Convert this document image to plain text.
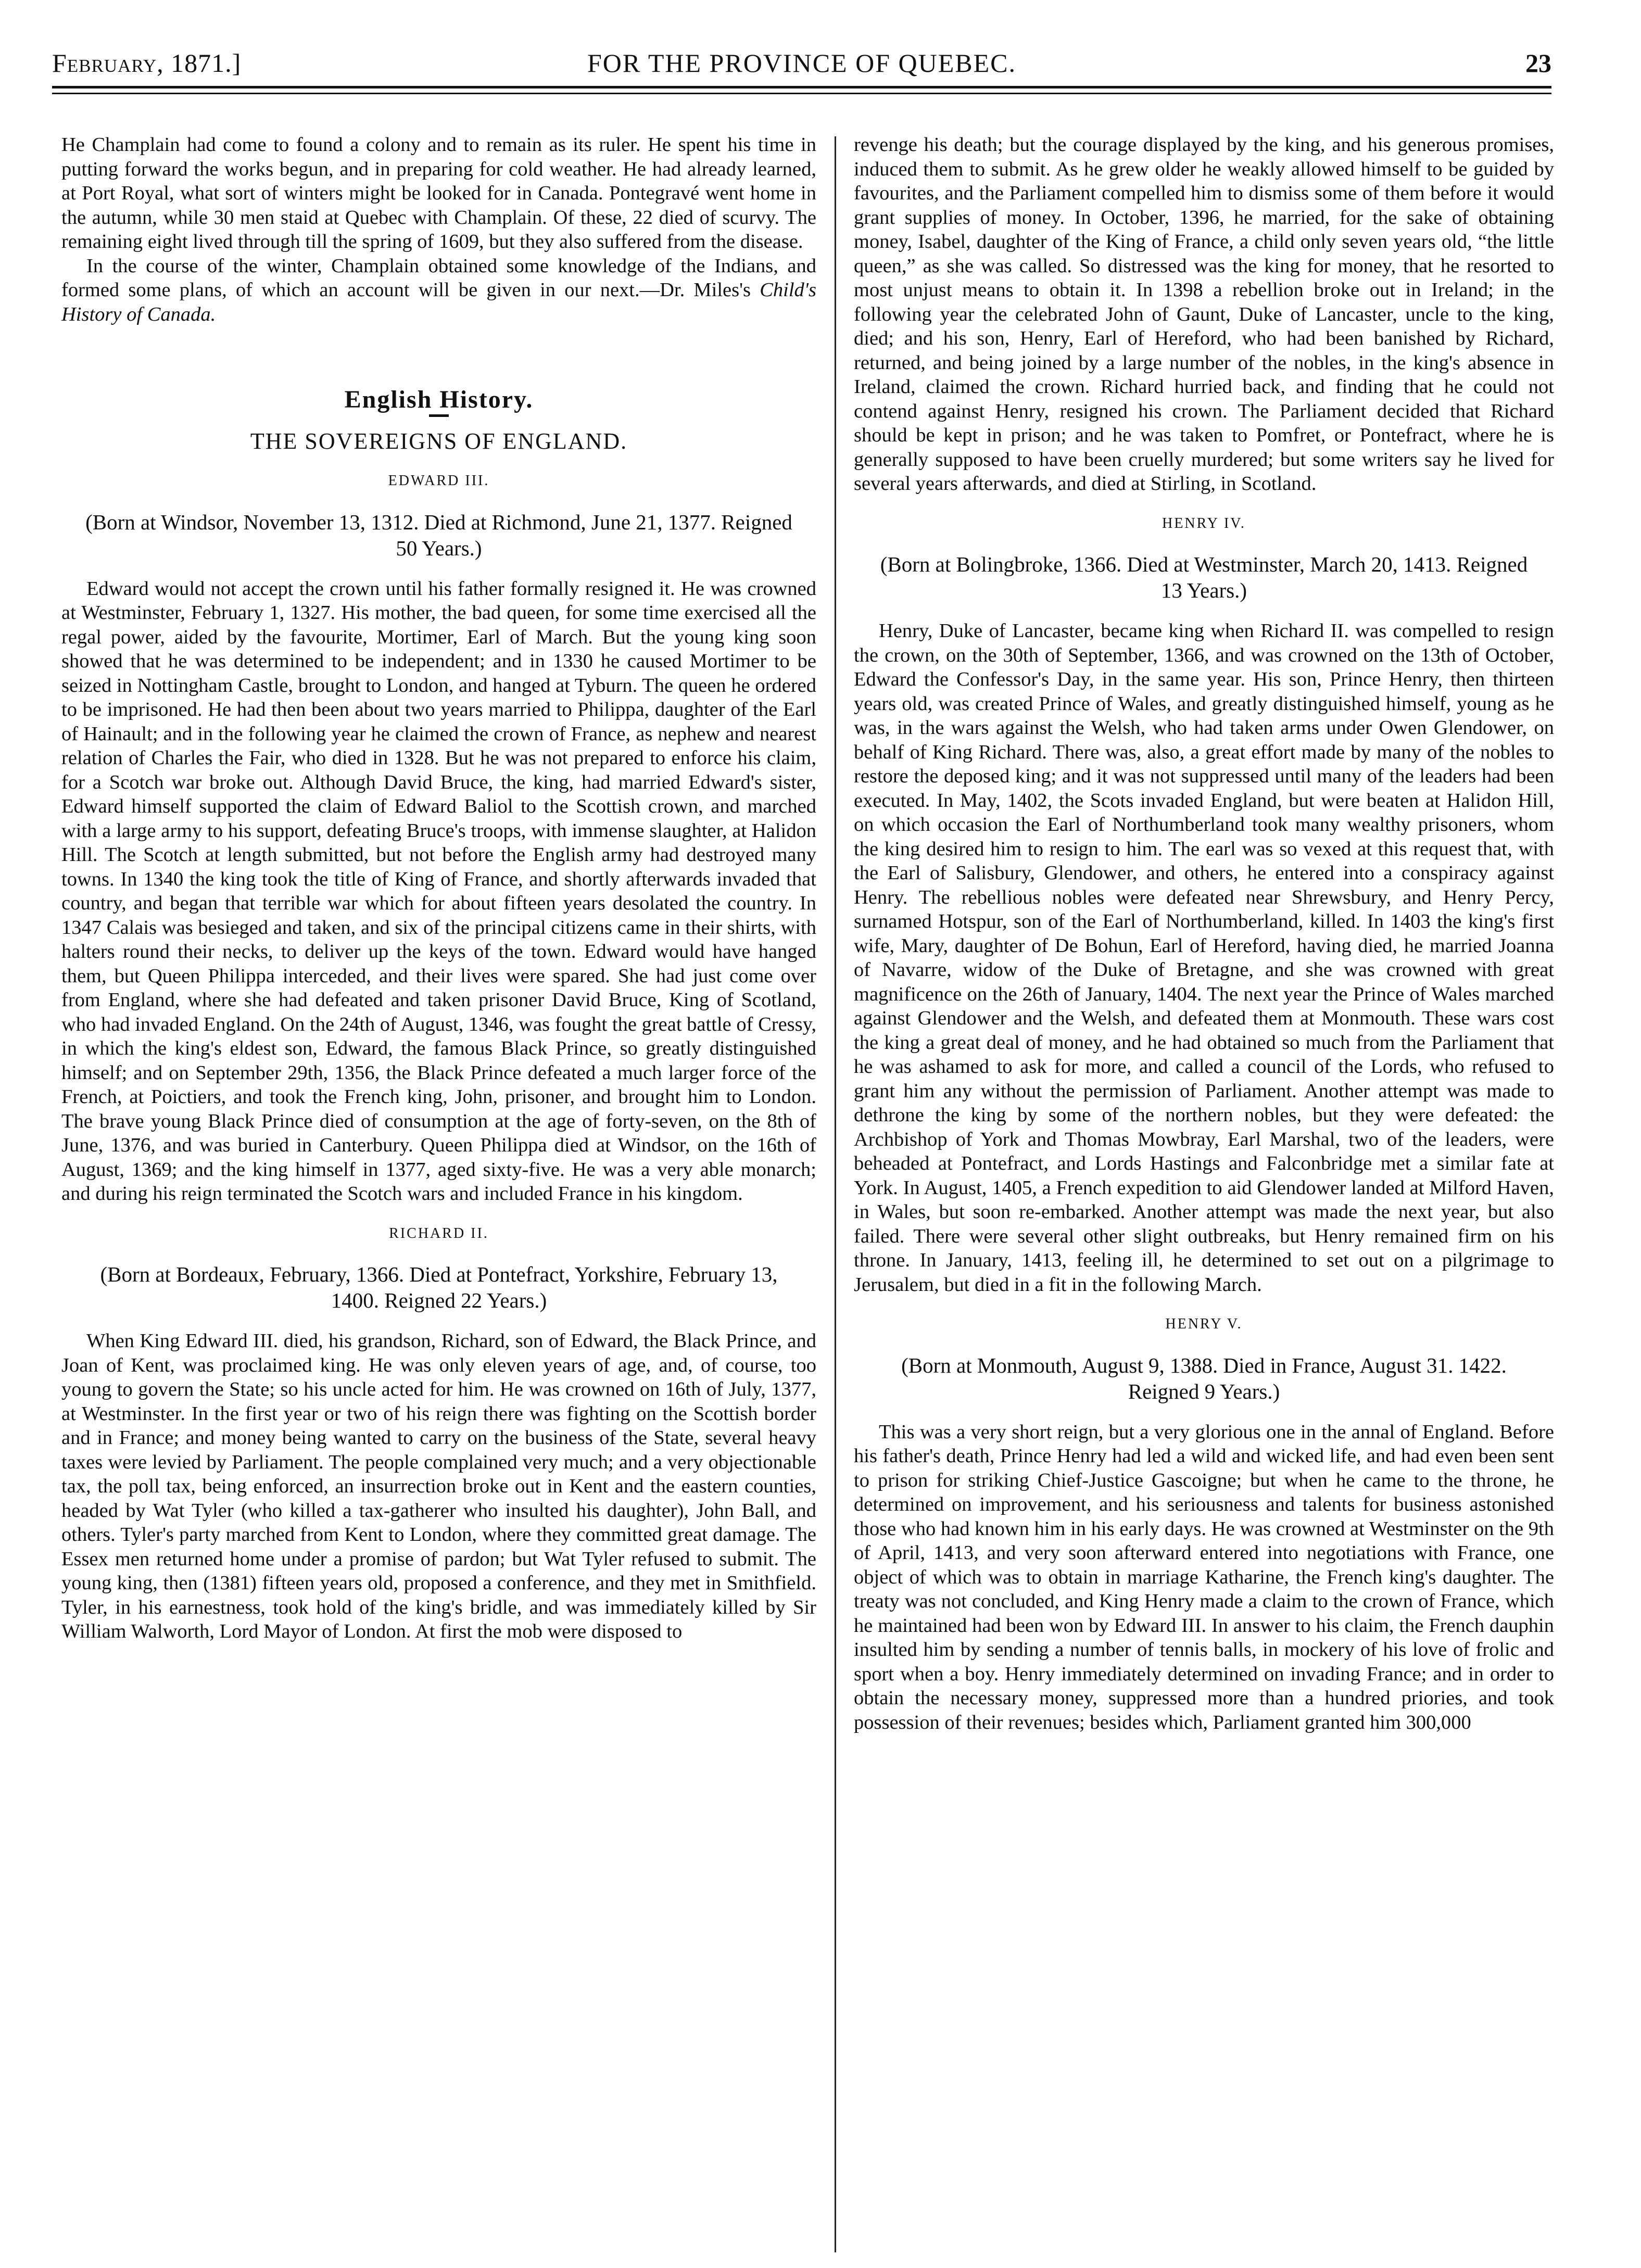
February, 1871.]	FOR THE PROVINCE OF QUEBEC.	23

He Champlain had come to found a colony and to remain as its ruler. He spent his time in putting forward the works begun, and in preparing for cold weather. He had already learned, at Port Royal, what sort of winters might be looked for in Canada. Pontegravé went home in the autumn, while 30 men staid at Quebec with Champlain. Of these, 22 died of scurvy. The remaining eight lived through till the spring of 1609, but they also suffered from the disease.

In the course of the winter, Champlain obtained some knowledge of the Indians, and formed some plans, of which an account will be given in our next.—Dr. Miles's Child's History of Canada.

English History.
THE SOVEREIGNS OF ENGLAND.
EDWARD III.
(Born at Windsor, November 13, 1312. Died at Richmond, June 21, 1377. Reigned 50 Years.)

Edward would not accept the crown until his father formally resigned it. He was crowned at Westminster, February 1, 1327. His mother, the bad queen, for some time exercised all the regal power, aided by the favourite, Mortimer, Earl of March. But the young king soon showed that he was determined to be independent; and in 1330 he caused Mortimer to be seized in Nottingham Castle, brought to London, and hanged at Tyburn. The queen he ordered to be imprisoned. He had then been about two years married to Philippa, daughter of the Earl of Hainault; and in the following year he claimed the crown of France, as nephew and nearest relation of Charles the Fair, who died in 1328. But he was not prepared to enforce his claim, for a Scotch war broke out. Although David Bruce, the king, had married Edward's sister, Edward himself supported the claim of Edward Baliol to the Scottish crown, and marched with a large army to his support, defeating Bruce's troops, with immense slaughter, at Halidon Hill. The Scotch at length submitted, but not before the English army had destroyed many towns. In 1340 the king took the title of King of France, and shortly afterwards invaded that country, and began that terrible war which for about fifteen years desolated the country. In 1347 Calais was besieged and taken, and six of the principal citizens came in their shirts, with halters round their necks, to deliver up the keys of the town. Edward would have hanged them, but Queen Philippa interceded, and their lives were spared. She had just come over from England, where she had defeated and taken prisoner David Bruce, King of Scotland, who had invaded England. On the 24th of August, 1346, was fought the great battle of Cressy, in which the king's eldest son, Edward, the famous Black Prince, so greatly distinguished himself; and on September 29th, 1356, the Black Prince defeated a much larger force of the French, at Poictiers, and took the French king, John, prisoner, and brought him to London. The brave young Black Prince died of consumption at the age of forty-seven, on the 8th of June, 1376, and was buried in Canterbury. Queen Philippa died at Windsor, on the 16th of August, 1369; and the king himself in 1377, aged sixty-five. He was a very able monarch; and during his reign terminated the Scotch wars and included France in his kingdom.

RICHARD II.
(Born at Bordeaux, February, 1366. Died at Pontefract, Yorkshire, February 13, 1400. Reigned 22 Years.)

When King Edward III. died, his grandson, Richard, son of Edward, the Black Prince, and Joan of Kent, was proclaimed king. He was only eleven years of age, and, of course, too young to govern the State; so his uncle acted for him. He was crowned on 16th of July, 1377, at Westminster. In the first year or two of his reign there was fighting on the Scottish border and in France; and money being wanted to carry on the business of the State, several heavy taxes were levied by Parliament. The people complained very much; and a very objectionable tax, the poll tax, being enforced, an insurrection broke out in Kent and the eastern counties, headed by Wat Tyler (who killed a tax-gatherer who insulted his daughter), John Ball, and others. Tyler's party marched from Kent to London, where they committed great damage. The Essex men returned home under a promise of pardon; but Wat Tyler refused to submit. The young king, then (1381) fifteen years old, proposed a conference, and they met in Smithfield. Tyler, in his earnestness, took hold of the king's bridle, and was immediately killed by Sir William Walworth, Lord Mayor of London. At first the mob were disposed to

revenge his death; but the courage displayed by the king, and his generous promises, induced them to submit. As he grew older he weakly allowed himself to be guided by favourites, and the Parliament compelled him to dismiss some of them before it would grant supplies of money. In October, 1396, he married, for the sake of obtaining money, Isabel, daughter of the King of France, a child only seven years old, “the little queen,” as she was called. So distressed was the king for money, that he resorted to most unjust means to obtain it. In 1398 a rebellion broke out in Ireland; in the following year the celebrated John of Gaunt, Duke of Lancaster, uncle to the king, died; and his son, Henry, Earl of Hereford, who had been banished by Richard, returned, and being joined by a large number of the nobles, in the king's absence in Ireland, claimed the crown. Richard hurried back, and finding that he could not contend against Henry, resigned his crown. The Parliament decided that Richard should be kept in prison; and he was taken to Pomfret, or Pontefract, where he is generally supposed to have been cruelly murdered; but some writers say he lived for several years afterwards, and died at Stirling, in Scotland.

HENRY IV.
(Born at Bolingbroke, 1366. Died at Westminster, March 20, 1413. Reigned 13 Years.)

Henry, Duke of Lancaster, became king when Richard II. was compelled to resign the crown, on the 30th of September, 1366, and was crowned on the 13th of October, Edward the Confessor's Day, in the same year. His son, Prince Henry, then thirteen years old, was created Prince of Wales, and greatly distinguished himself, young as he was, in the wars against the Welsh, who had taken arms under Owen Glendower, on behalf of King Richard. There was, also, a great effort made by many of the nobles to restore the deposed king; and it was not suppressed until many of the leaders had been executed. In May, 1402, the Scots invaded England, but were beaten at Halidon Hill, on which occasion the Earl of Northumberland took many wealthy prisoners, whom the king desired him to resign to him. The earl was so vexed at this request that, with the Earl of Salisbury, Glendower, and others, he entered into a conspiracy against Henry. The rebellious nobles were defeated near Shrewsbury, and Henry Percy, surnamed Hotspur, son of the Earl of Northumberland, killed. In 1403 the king's first wife, Mary, daughter of De Bohun, Earl of Hereford, having died, he married Joanna of Navarre, widow of the Duke of Bretagne, and she was crowned with great magnificence on the 26th of January, 1404. The next year the Prince of Wales marched against Glendower and the Welsh, and defeated them at Monmouth. These wars cost the king a great deal of money, and he had obtained so much from the Parliament that he was ashamed to ask for more, and called a council of the Lords, who refused to grant him any without the permission of Parliament. Another attempt was made to dethrone the king by some of the northern nobles, but they were defeated: the Archbishop of York and Thomas Mowbray, Earl Marshal, two of the leaders, were beheaded at Pontefract, and Lords Hastings and Falconbridge met a similar fate at York. In August, 1405, a French expedition to aid Glendower landed at Milford Haven, in Wales, but soon re-embarked. Another attempt was made the next year, but also failed. There were several other slight outbreaks, but Henry remained firm on his throne. In January, 1413, feeling ill, he determined to set out on a pilgrimage to Jerusalem, but died in a fit in the following March.

HENRY V.
(Born at Monmouth, August 9, 1388. Died in France, August 31. 1422. Reigned 9 Years.)

This was a very short reign, but a very glorious one in the annal of England. Before his father's death, Prince Henry had led a wild and wicked life, and had even been sent to prison for striking Chief-Justice Gascoigne; but when he came to the throne, he determined on improvement, and his seriousness and talents for business astonished those who had known him in his early days. He was crowned at Westminster on the 9th of April, 1413, and very soon afterward entered into negotiations with France, one object of which was to obtain in marriage Katharine, the French king's daughter. The treaty was not concluded, and King Henry made a claim to the crown of France, which he maintained had been won by Edward III. In answer to his claim, the French dauphin insulted him by sending a number of tennis balls, in mockery of his love of frolic and sport when a boy. Henry immediately determined on invading France; and in order to obtain the necessary money, suppressed more than a hundred priories, and took possession of their revenues; besides which, Parliament granted him 300,000
